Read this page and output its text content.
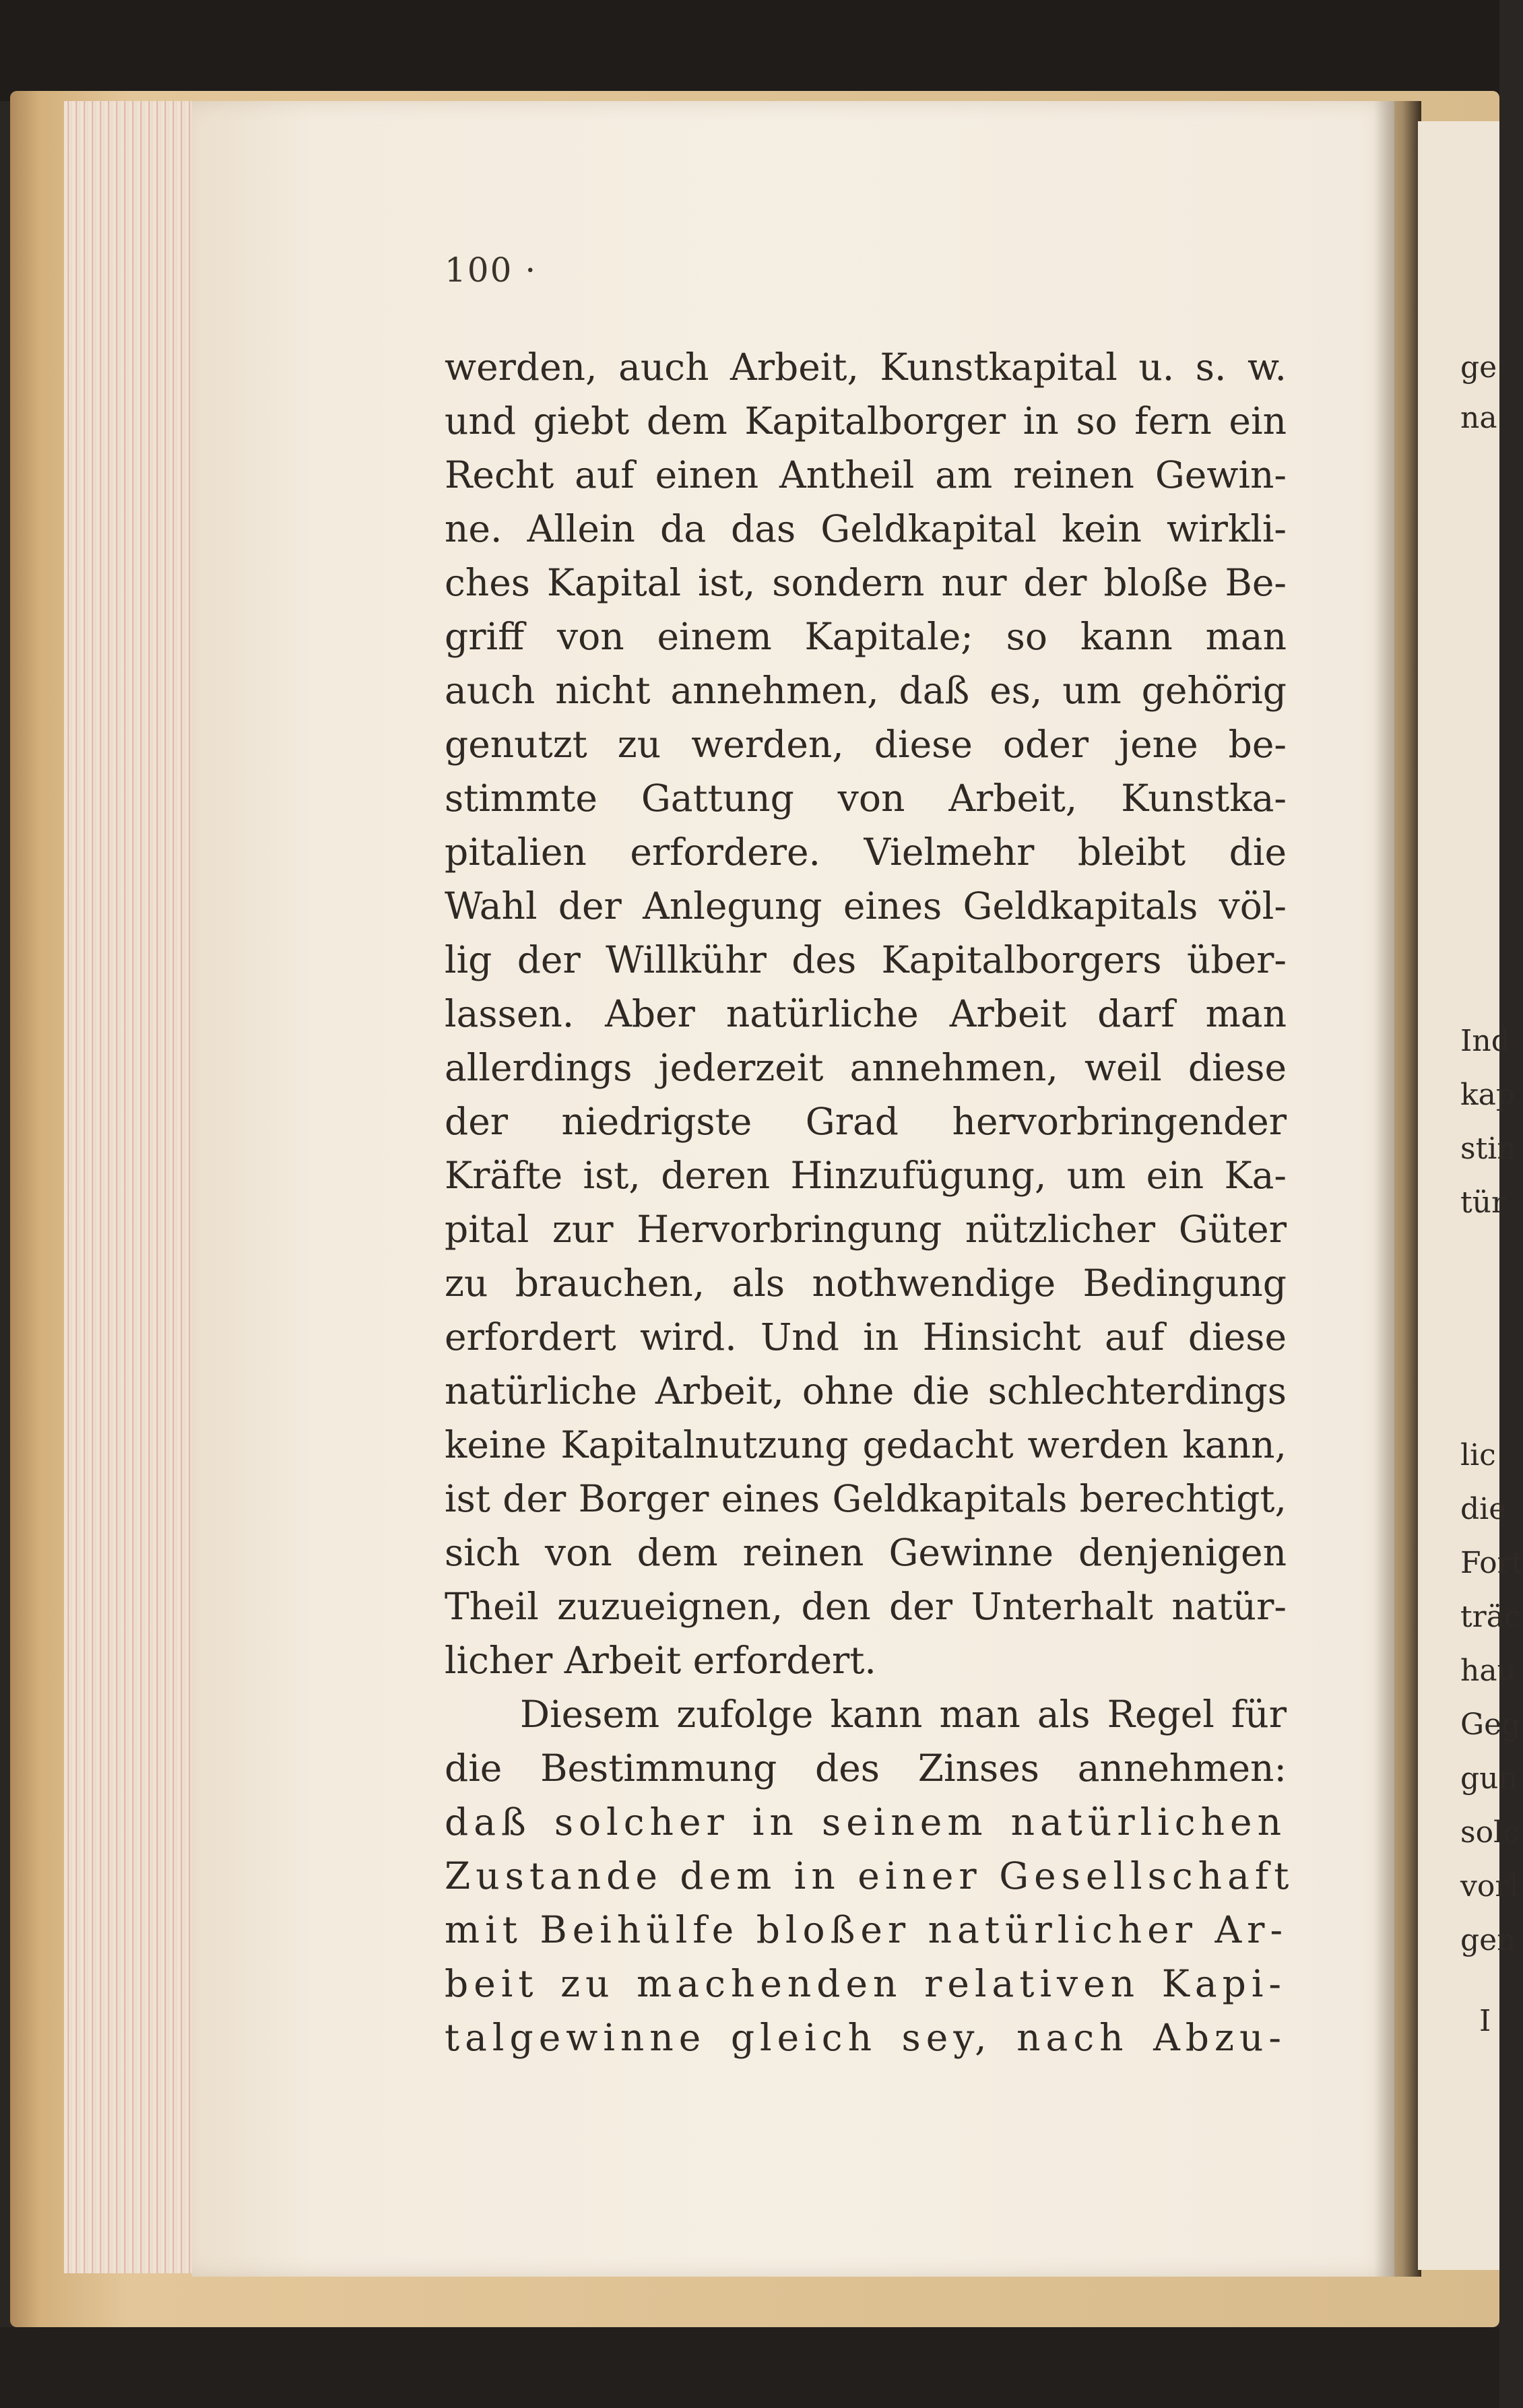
100 ·
werden, auch Arbeit, Kunstkapital u. s. w.
und giebt dem Kapitalborger in so fern ein
Recht auf einen Antheil am reinen Gewin-
ne. Allein da das Geldkapital kein wirkli-
ches Kapital ist, sondern nur der bloße Be-
griff von einem Kapitale; so kann man
auch nicht annehmen, daß es, um gehörig
genutzt zu werden, diese oder jene be-
stimmte Gattung von Arbeit, Kunstka-
pitalien erfordere. Vielmehr bleibt die
Wahl der Anlegung eines Geldkapitals völ-
lig der Willkühr des Kapitalborgers über-
lassen. Aber natürliche Arbeit darf man
allerdings jederzeit annehmen, weil diese
der niedrigste Grad hervorbringender
Kräfte ist, deren Hinzufügung, um ein Ka-
pital zur Hervorbringung nützlicher Güter
zu brauchen, als nothwendige Bedingung
erfordert wird. Und in Hinsicht auf diese
natürliche Arbeit, ohne die schlechterdings
keine Kapitalnutzung gedacht werden kann,
ist der Borger eines Geldkapitals berechtigt,
sich von dem reinen Gewinne denjenigen
Theil zuzueignen, den der Unterhalt natür-
licher Arbeit erfordert.
Diesem zufolge kann man als Regel für
die Bestimmung des Zinses annehmen:
daß solcher in seinem natürlichen
Zustande dem in einer Gesellschaft
mit Beihülfe bloßer natürlicher Ar-
beit zu machenden relativen Kapi-
talgewinne gleich sey, nach Abzu-
ge
na
Ind
kap
stin
tür
lic
die
Fort
träc
hau
Geg
gun
solc
vorl
gen
I
